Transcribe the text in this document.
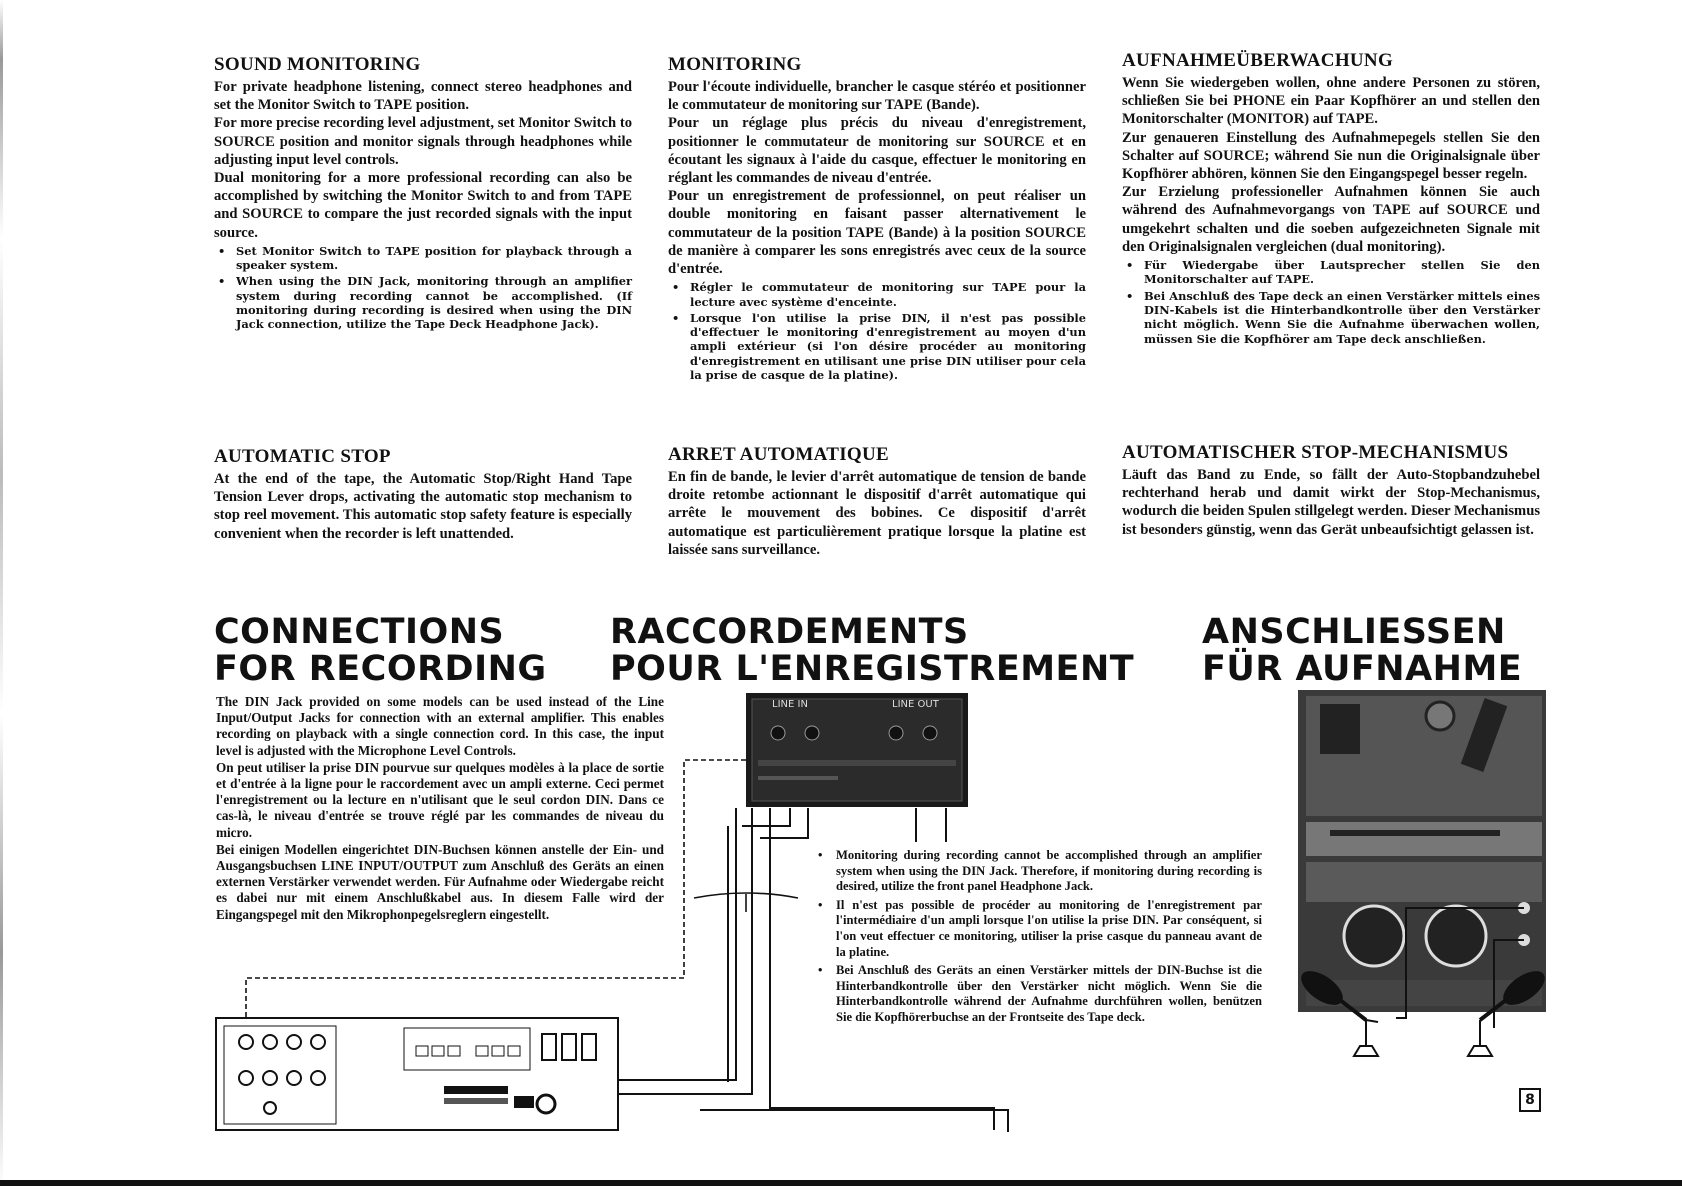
SOUND MONITORING

For private headphone listening, connect stereo headphones and set the Monitor Switch to TAPE position.

For more precise recording level adjustment, set Monitor Switch to SOURCE position and monitor signals through headphones while adjusting input level controls.

Dual monitoring for a more professional recording can also be accomplished by switching the Monitor Switch to and from TAPE and SOURCE to compare the just recorded signals with the input source.

• Set Monitor Switch to TAPE position for playback through a speaker system.

• When using the DIN Jack, monitoring through an amplifier system during recording cannot be accomplished. (If monitoring during recording is desired when using the DIN Jack connection, utilize the Tape Deck Headphone Jack).

MONITORING

Pour l'écoute individuelle, brancher le casque stéréo et positionner le commutateur de monitoring sur TAPE (Bande).

Pour un réglage plus précis du niveau d'enregistrement, positionner le commutateur de monitoring sur SOURCE et en écoutant les signaux à l'aide du casque, effectuer le monitoring en réglant les commandes de niveau d'entrée.

Pour un enregistrement de professionnel, on peut réaliser un double monitoring en faisant passer alternativement le commutateur de la position TAPE (Bande) à la position SOURCE de manière à comparer les sons enregistrés avec ceux de la source d'entrée.

• Régler le commutateur de monitoring sur TAPE pour la lecture avec système d'enceinte.

• Lorsque l'on utilise la prise DIN, il n'est pas possible d'effectuer le monitoring d'enregistrement au moyen d'un ampli extérieur (si l'on désire procéder au monitoring d'enregistrement en utilisant une prise DIN utiliser pour cela la prise de casque de la platine).

AUFNAHMEÜBERWACHUNG

Wenn Sie wiedergeben wollen, ohne andere Personen zu stören, schließen Sie bei PHONE ein Paar Kopfhörer an und stellen den Monitorschalter (MONITOR) auf TAPE.

Zur genaueren Einstellung des Aufnahmepegels stellen Sie den Schalter auf SOURCE; während Sie nun die Originalsignale über Kopfhörer abhören, können Sie den Eingangspegel besser regeln.

Zur Erzielung professioneller Aufnahmen können Sie auch während des Aufnahmevorgangs von TAPE auf SOURCE und umgekehrt schalten und die soeben aufgezeichneten Signale mit den Originalsignalen vergleichen (dual monitoring).

• Für Wiedergabe über Lautsprecher stellen Sie den Monitorschalter auf TAPE.

• Bei Anschluß des Tape deck an einen Verstärker mittels eines DIN-Kabels ist die Hinterbandkontrolle über den Verstärker nicht möglich. Wenn Sie die Aufnahme überwachen wollen, müssen Sie die Kopfhörer am Tape deck anschließen.

AUTOMATIC STOP

At the end of the tape, the Automatic Stop/Right Hand Tape Tension Lever drops, activating the automatic stop mechanism to stop reel movement. This automatic stop safety feature is especially convenient when the recorder is left unattended.

ARRET AUTOMATIQUE

En fin de bande, le levier d'arrêt automatique de tension de bande droite retombe actionnant le dispositif d'arrêt automatique qui arrête le mouvement des bobines. Ce dispositif d'arrêt automatique est particulièrement pratique lorsque la platine est laissée sans surveillance.

AUTOMATISCHER STOP-MECHANISMUS

Läuft das Band zu Ende, so fällt der Auto-Stopbandzuhebel rechterhand herab und damit wirkt der Stop-Mechanismus, wodurch die beiden Spulen stillgelegt werden. Dieser Mechanismus ist besonders günstig, wenn das Gerät unbeaufsichtigt gelassen ist.

CONNECTIONS
FOR RECORDING
RACCORDEMENTS
POUR L'ENREGISTREMENT
ANSCHLIESSEN
FÜR AUFNAHME

The DIN Jack provided on some models can be used instead of the Line Input/Output Jacks for connection with an external amplifier. This enables recording on playback with a single connection cord. In this case, the input level is adjusted with the Microphone Level Controls.

On peut utiliser la prise DIN pourvue sur quelques modèles à la place de sortie et d'entrée à la ligne pour le raccordement avec un ampli externe. Ceci permet l'enregistrement ou la lecture en n'utilisant que le seul cordon DIN. Dans ce cas-là, le niveau d'entrée se trouve réglé par les commandes de niveau du micro.

Bei einigen Modellen eingerichtet DIN-Buchsen können anstelle der Ein- und Ausgangsbuchsen LINE INPUT/OUTPUT zum Anschluß des Geräts an einen externen Verstärker verwendet werden. Für Aufnahme oder Wiedergabe reicht es dabei nur mit einem Anschlußkabel aus. In diesem Falle wird der Eingangspegel mit den Mikrophonpegelsreglern eingestellt.

• Monitoring during recording cannot be accomplished through an amplifier system when using the DIN Jack. Therefore, if monitoring during recording is desired, utilize the front panel Headphone Jack.

• Il n'est pas possible de procéder au monitoring de l'enregistrement par l'intermédiaire d'un ampli lorsque l'on utilise la prise DIN. Par conséquent, si l'on veut effectuer ce monitoring, utiliser la prise casque du panneau avant de la platine.

• Bei Anschluß des Geräts an einen Verstärker mittels der DIN-Buchse ist die Hinterbandkontrolle über den Verstärker nicht möglich. Wenn Sie die Hinterbandkontrolle während der Aufnahme durchführen wollen, benützen Sie die Kopfhörerbuchse an der Frontseite des Tape deck.

LINE IN	LINE OUT
8
